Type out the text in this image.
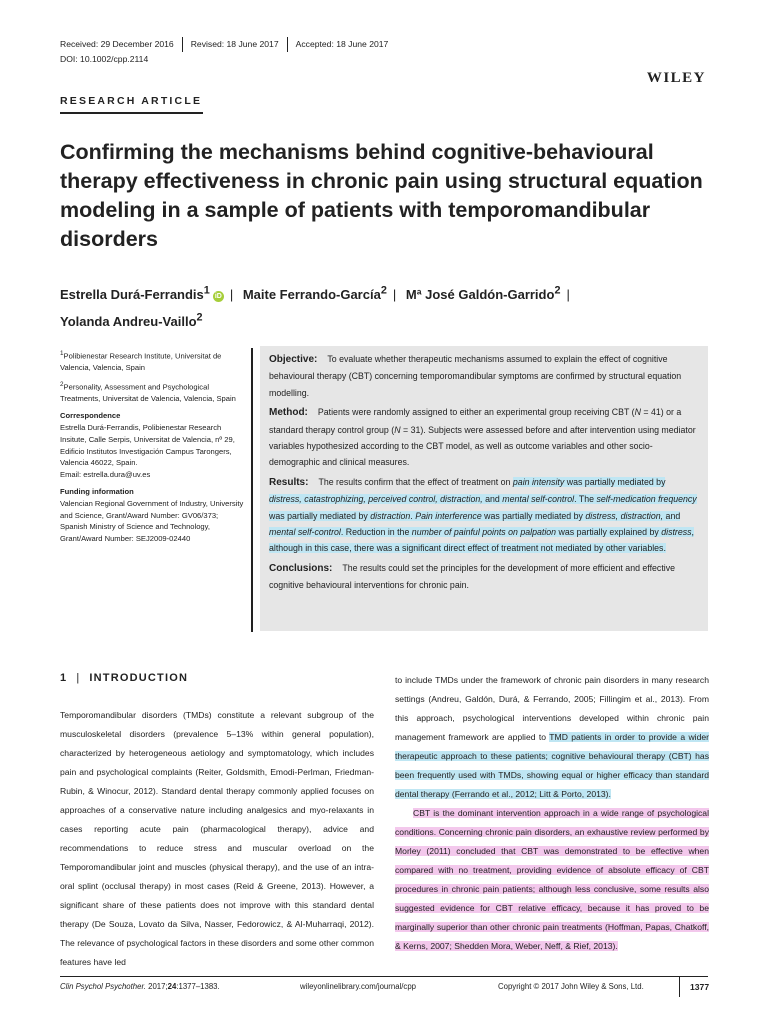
Received: 29 December 2016 Revised: 18 June 2017 Accepted: 18 June 2017
DOI: 10.1002/cpp.2114
WILEY
RESEARCH ARTICLE
Confirming the mechanisms behind cognitive-behavioural therapy effectiveness in chronic pain using structural equation modeling in a sample of patients with temporomandibular disorders
Estrella Durá-Ferrandis$^1$ iD | Maite Ferrando-García$^2$ | Mª José Galdón-Garrido$^2$ |
Yolanda Andreu-Vaillo$^2$

$^1$Polibienestar Research Institute, Universitat de Valencia, Valencia, Spain

$^2$Personality, Assessment and Psychological Treatments, Universitat de Valencia, Valencia, Spain

Correspondence

Estrella Durá-Ferrandis, Polibienestar Research Insitute, Calle Serpis, Universitat de Valencia, nº 29, Edificio Institutos Investigación Campus Tarongers, Valencia 46022, Spain.

Email: estrella.dura@uv.es

Funding information

Valencian Regional Government of Industry, University and Science, Grant/Award Number: GV06/373; Spanish Ministry of Science and Technology, Grant/Award Number: SEJ2009-02440

Objective: To evaluate whether therapeutic mechanisms assumed to explain the effect of cognitive behavioural therapy (CBT) concerning temporomandibular symptoms are confirmed by structural equation modelling.

Method: Patients were randomly assigned to either an experimental group receiving CBT (N = 41) or a standard therapy control group (N = 31). Subjects were assessed before and after intervention using mediator variables hypothesized according to the CBT model, as well as outcome variables and other socio-demographic and clinical measures.

Results: The results confirm that the effect of treatment on pain intensity was partially mediated by distress, catastrophizing, perceived control, distraction, and mental self-control. The self-medication frequency was partially mediated by distraction. Pain interference was partially mediated by distress, distraction, and mental self-control. Reduction in the number of painful points on palpation was partially explained by distress, although in this case, there was a significant direct effect of treatment not mediated by other variables.

Conclusions: The results could set the principles for the development of more efficient and effective cognitive behavioural interventions for chronic pain.

1 | INTRODUCTION

Temporomandibular disorders (TMDs) constitute a relevant subgroup of the musculoskeletal disorders (prevalence 5–13% within general population), characterized by heterogeneous aetiology and symptomatology, which includes pain and psychological complaints (Reiter, Goldsmith, Emodi-Perlman, Friedman-Rubin, & Winocur, 2012). Standard dental therapy commonly applied focuses on approaches of a conservative nature including analgesics and myo-relaxants in cases reporting acute pain (pharmacological therapy), advice and recommendations to reduce stress and muscular overload on the Temporomandibular joint and muscles (physical therapy), and the use of an intra-oral splint (occlusal therapy) in most cases (Reid & Greene, 2013). However, a significant share of these patients does not improve with this standard dental therapy (De Souza, Lovato da Silva, Nasser, Fedorowicz, & Al-Muharraqi, 2012). The relevance of psychological factors in these disorders and some other common features have led

to include TMDs under the framework of chronic pain disorders in many research settings (Andreu, Galdón, Durá, & Ferrando, 2005; Fillingim et al., 2013). From this approach, psychological interventions developed within chronic pain management framework are applied to TMD patients in order to provide a wider therapeutic approach to these patients; cognitive behavioural therapy (CBT) has been frequently used with TMDs, showing equal or higher efficacy than standard dental therapy (Ferrando et al., 2012; Litt & Porto, 2013).

CBT is the dominant intervention approach in a wide range of psychological conditions. Concerning chronic pain disorders, an exhaustive review performed by Morley (2011) concluded that CBT was demonstrated to be effective when compared with no treatment, providing evidence of absolute efficacy of CBT procedures in chronic pain patients; although less conclusive, some results also suggested evidence for CBT relative efficacy, because it has proved to be marginally superior than other chronic pain treatments (Hoffman, Papas, Chatkoff, & Kerns, 2007; Shedden Mora, Weber, Neff, & Rief, 2013).

Clin Psychol Psychother. 2017;24:1377–1383.	wileyonlinelibrary.com/journal/cpp	Copyright © 2017 John Wiley & Sons, Ltd.	1377
